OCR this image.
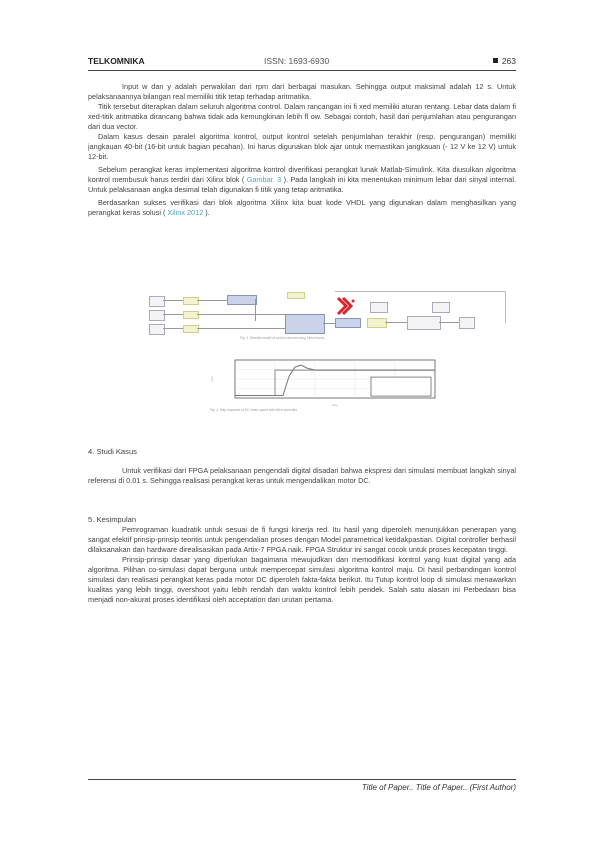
TELKOMNIKA	ISSN: 1693-6930	263

Input w dan y adalah perwakilan dari rpm dari berbagai masukan. Sehingga output maksimal adalah 12 s. Untuk pelaksanaannya bilangan real memiliki titik tetap terhadap aritmatika.

Titik tersebut diterapkan dalam seluruh algoritma control. Dalam rancangan ini fi xed memiliki aturan rentang. Lebar data dalam fi xed-titik aritmatika dirancang bahwa tidak ada kemungkinan lebih fl ow. Sebagai contoh, hasil dari penjumlahan atau pengurangan dari dua vector.

Dalam kasus desain paralel algoritma kontrol, output kontrol setelah penjumlahan terakhir (resp. pengurangan) memiliki jangkauan 40-bit (16-bit untuk bagian pecahan). Ini harus digunakan blok ajar untuk memastikan jangkauan (- 12 V ke 12 V) untuk 12-bit.

Sebelum perangkat keras implementasi algoritma kontrol diverifikasi perangkat lunak Matlab-Simulink. Kita diusulkan algoritma kontrol membusuk harus terdiri dari Xilinx blok ( Gambar. 3 ). Pada langkah ini kita menentukan minimum lebar dari sinyal internal. Untuk pelaksanaan angka desimal telah digunakan fi titik yang tetap aritmatika.

Berdasarkan sukses verifikasi dari blok algoritma Xilinx kita buat kode VHDL yang digunakan dalam menghasilkan yang perangkat keras solusi ( Xilinx 2012 ).

Fig. 3. Simulink model of control scheme using Xilinx blocks
rpm
time
Fig. 4. Step response of DC motor speed with Xilinx controller
4. Studi Kasus

Untuk verifikasi dari FPGA pelaksanaan pengendali digital disadari bahwa ekspresi dari simulasi membuat langkah sinyal referensi di 0.01 s. Sehingga realisasi perangkat keras untuk mengendalikan motor DC.

5. Kesimpulan

Pemrograman kuadratik untuk sesuai de fi fungsi kinerja red. Itu hasil yang diperoleh menunjukkan penerapan yang sangat efektif prinsip-prinsip teoritis untuk pengendalian proses dengan Model parametrical ketidakpastian. Digital controller berhasil dilaksanakan dan hardware direalisasikan pada Artix-7 FPGA naik. FPGA Struktur ini sangat cocok untuk proses kecepatan tinggi.

Prinsip-prinsip dasar yang diperlukan bagaimana mewujudkan dan memodifikasi kontrol yang kuat digital yang ada algoritma. Pilihan co-simulasi dapat berguna untuk mempercepat simulasi algoritma kontrol maju. Di hasil perbandingan kontrol simulasi dan realisasi perangkat keras pada motor DC diperoleh fakta-fakta berikut. Itu Tutup kontrol loop di simulasi menawarkan kualitas yang lebih tinggi, overshoot yaitu lebih rendah dan waktu kontrol lebih pendek. Salah satu alasan ini Perbedaan bisa menjadi non-akurat proses identifikasi oleh acceptation dari urutan pertama.

Title of Paper.. Title of Paper.. (First Author)
